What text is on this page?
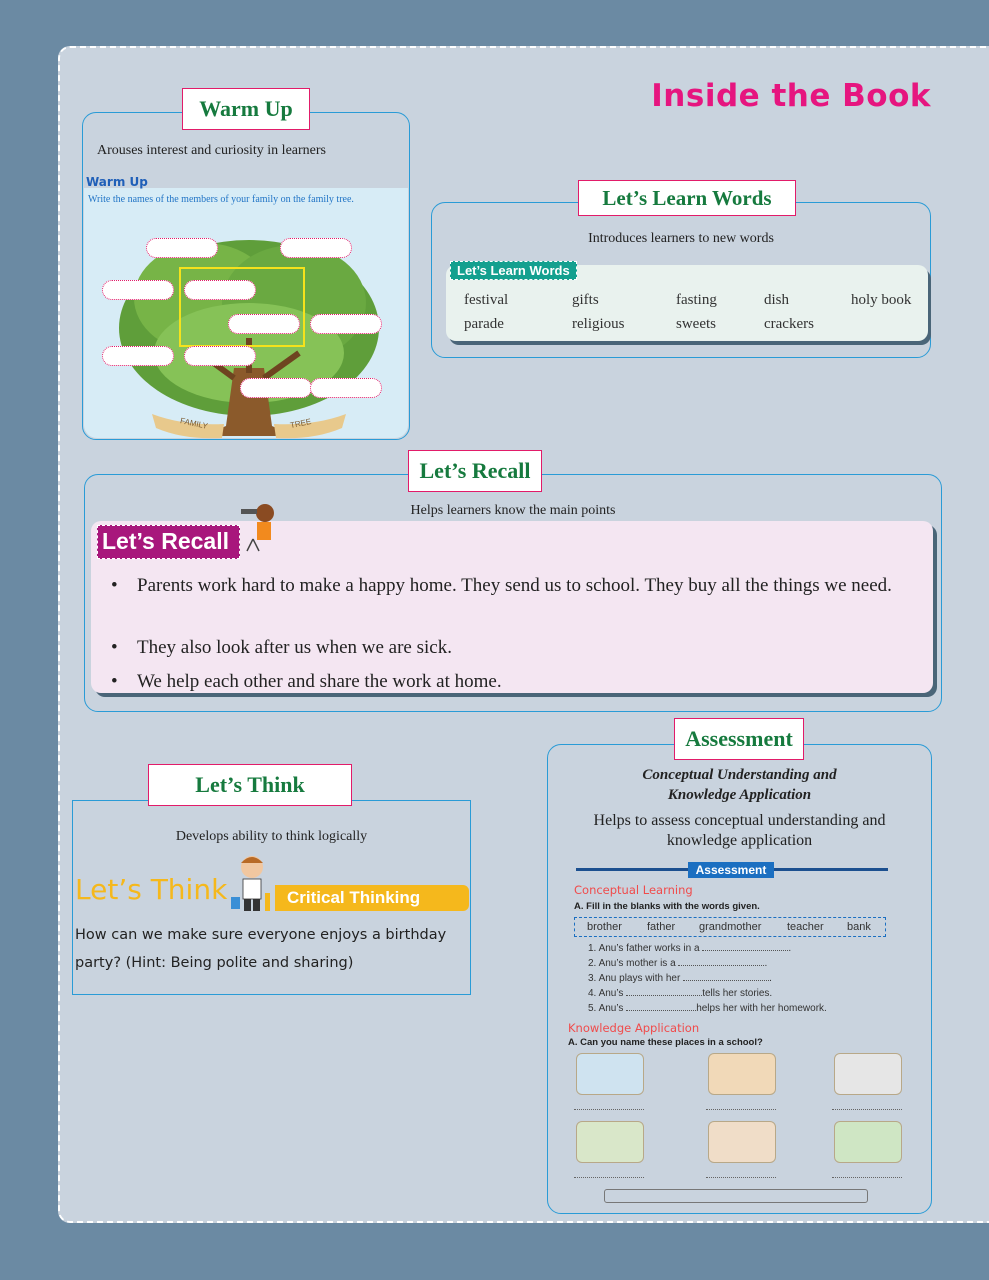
Inside the Book
Arouses interest and curiosity in learners
Warm Up
Write the names of the members of your family on the family tree.
FAMILY	TREE
Warm Up
Introduces learners to new words
Let’s Learn Words
festival	gifts	fasting	dish	holy book
parade	religious	sweets	crackers
Let’s Learn Words
Helps learners know the main points
Let’s Recall
• Parents work hard to make a happy home. They send us to school. They buy all the things we need.
• They also look after us when we are sick.
• We help each other and share the work at home.
Let’s Recall
Develops ability to think logically
Let’s Think	Critical Thinking
How can we make sure everyone enjoys a birthday party? (Hint: Being polite and sharing)
Let’s Think	Conceptual Understanding and
Knowledge Application
Helps to assess conceptual understanding and
knowledge application
Assessment
Conceptual Learning
A. Fill in the blanks with the words given.
brother father grandmother teacher bank
1. Anu’s father works in a	.
2. Anu’s mother is a	.
3. Anu plays with her	.
4. Anu’s	tells her stories.
5. Anu’s	helps her with her homework.
Knowledge Application
A. Can you name these places in a school?
Assessment
